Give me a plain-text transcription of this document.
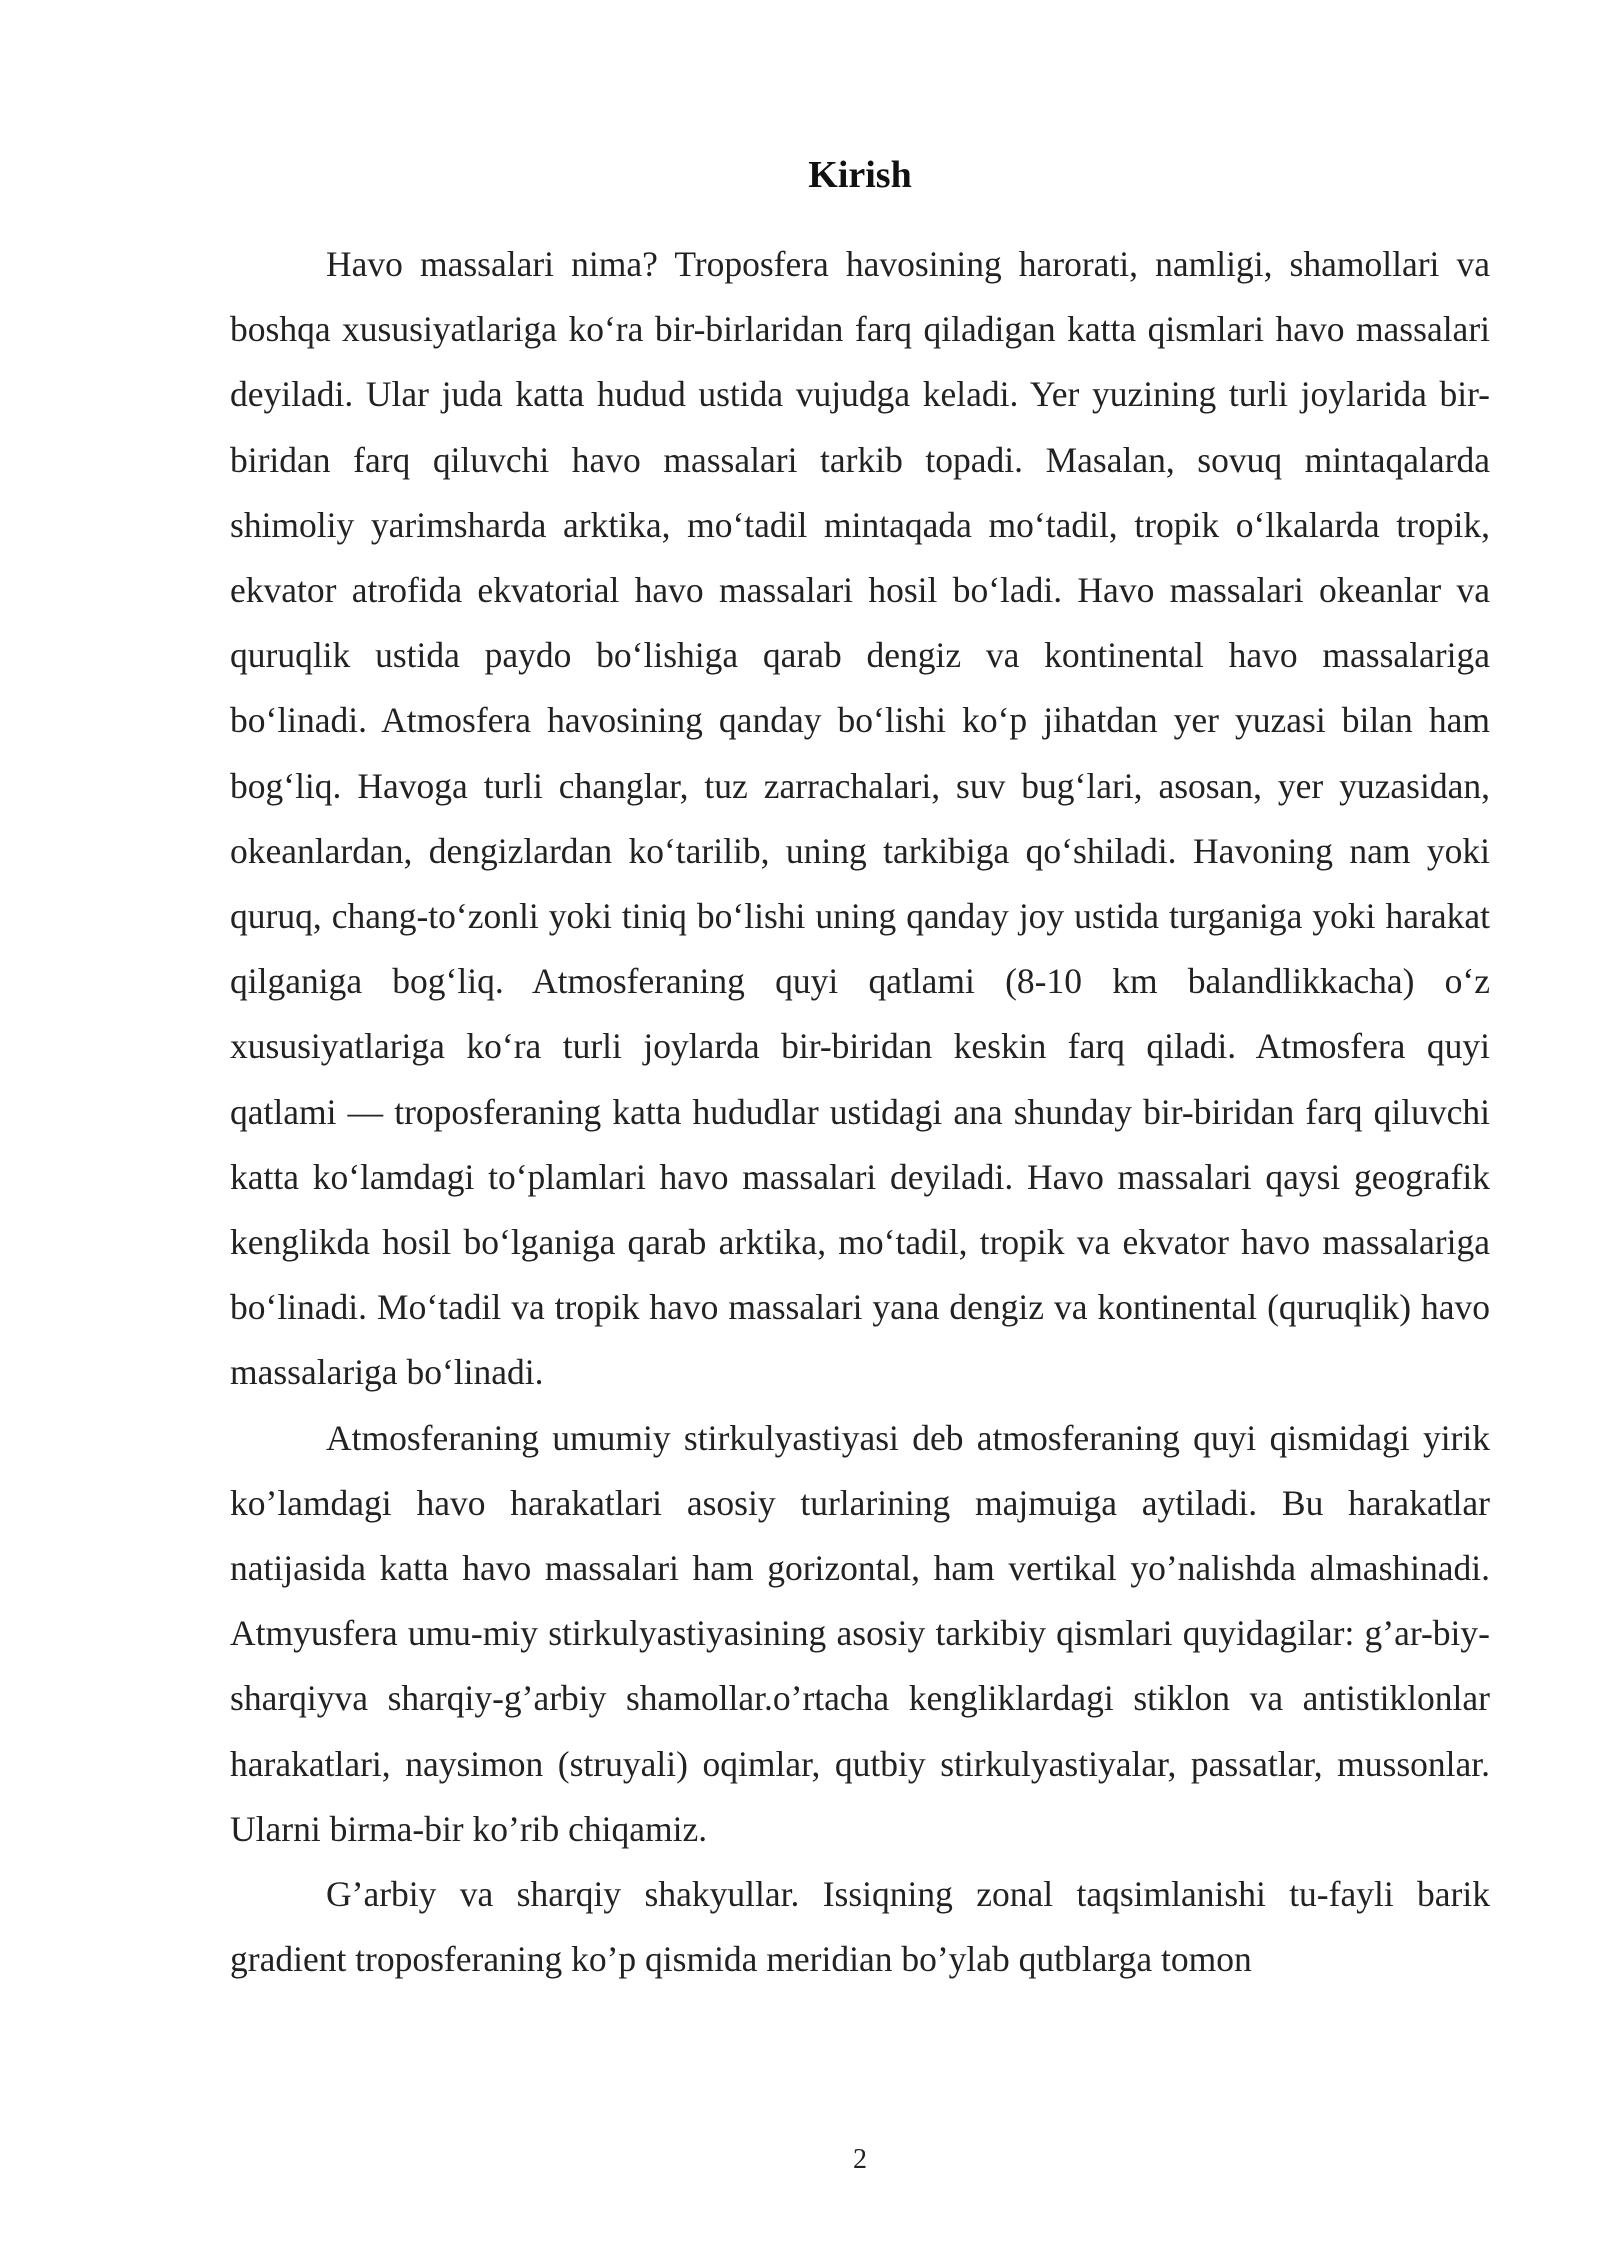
Kirish

Havo massalari nima? Troposfera havosining harorati, namligi, shamollari va boshqa xususiyatlariga ko‘ra bir-birlaridan farq qiladigan katta qismlari havo massalari deyiladi. Ular juda katta hudud ustida vujudga keladi. Yer yuzining turli joylarida bir-biridan farq qiluvchi havo massalari tarkib topadi. Masalan, sovuq mintaqalarda shimoliy yarimsharda arktika, mo‘tadil mintaqada mo‘tadil, tropik o‘lkalarda tropik, ekvator atrofida ekvatorial havo massalari hosil bo‘ladi. Havo massalari okeanlar va quruqlik ustida paydo bo‘lishiga qarab dengiz va kontinental havo massalariga bo‘linadi. Atmosfera havosining qanday bo‘lishi ko‘p jihatdan yer yuzasi bilan ham bog‘liq. Havoga turli changlar, tuz zarrachalari, suv bug‘lari, asosan, yer yuzasidan, okeanlardan, dengizlardan ko‘tarilib, uning tarkibiga qo‘shiladi. Havoning nam yoki quruq, chang-to‘zonli yoki tiniq bo‘lishi uning qanday joy ustida turganiga yoki harakat qilganiga bog‘liq. Atmosferaning quyi qatlami (8-10 km balandlikkacha) o‘z xususiyatlariga ko‘ra turli joylarda bir-biridan keskin farq qiladi. Atmosfera quyi qatlami — troposferaning katta hududlar ustidagi ana shunday bir-biridan farq qiluvchi katta ko‘lamdagi to‘plamlari havo massalari deyiladi. Havo massalari qaysi geografik kenglikda hosil bo‘lganiga qarab arktika, mo‘tadil, tropik va ekvator havo massalariga bo‘linadi. Mo‘tadil va tropik havo massalari yana dengiz va kontinental (quruqlik) havo massalariga bo‘linadi.

Atmosferaning umumiy stirkulyastiyasi deb atmosferaning quyi qismidagi yirik ko’lamdagi havo harakatlari asosiy turlarining majmuiga aytiladi. Bu harakatlar natijasida katta havo massalari ham gorizontal, ham vertikal yo’nalishda almashinadi. Atmyusfera umu-miy stirkulyastiyasining asosiy tarkibiy qismlari quyidagilar: g’ar-biy-sharqiyva sharqiy-g’arbiy shamollar.o’rtacha kengliklardagi stiklon va antistiklonlar harakatlari, naysimon (struyali) oqimlar, qutbiy stirkulyastiyalar, passatlar, mussonlar. Ularni birma-bir ko’rib chiqamiz.

G’arbiy va sharqiy shakyullar. Issiqning zonal taqsimlanishi tu-fayli barik gradient troposferaning ko’p qismida meridian bo’ylab qutblarga tomon

2
